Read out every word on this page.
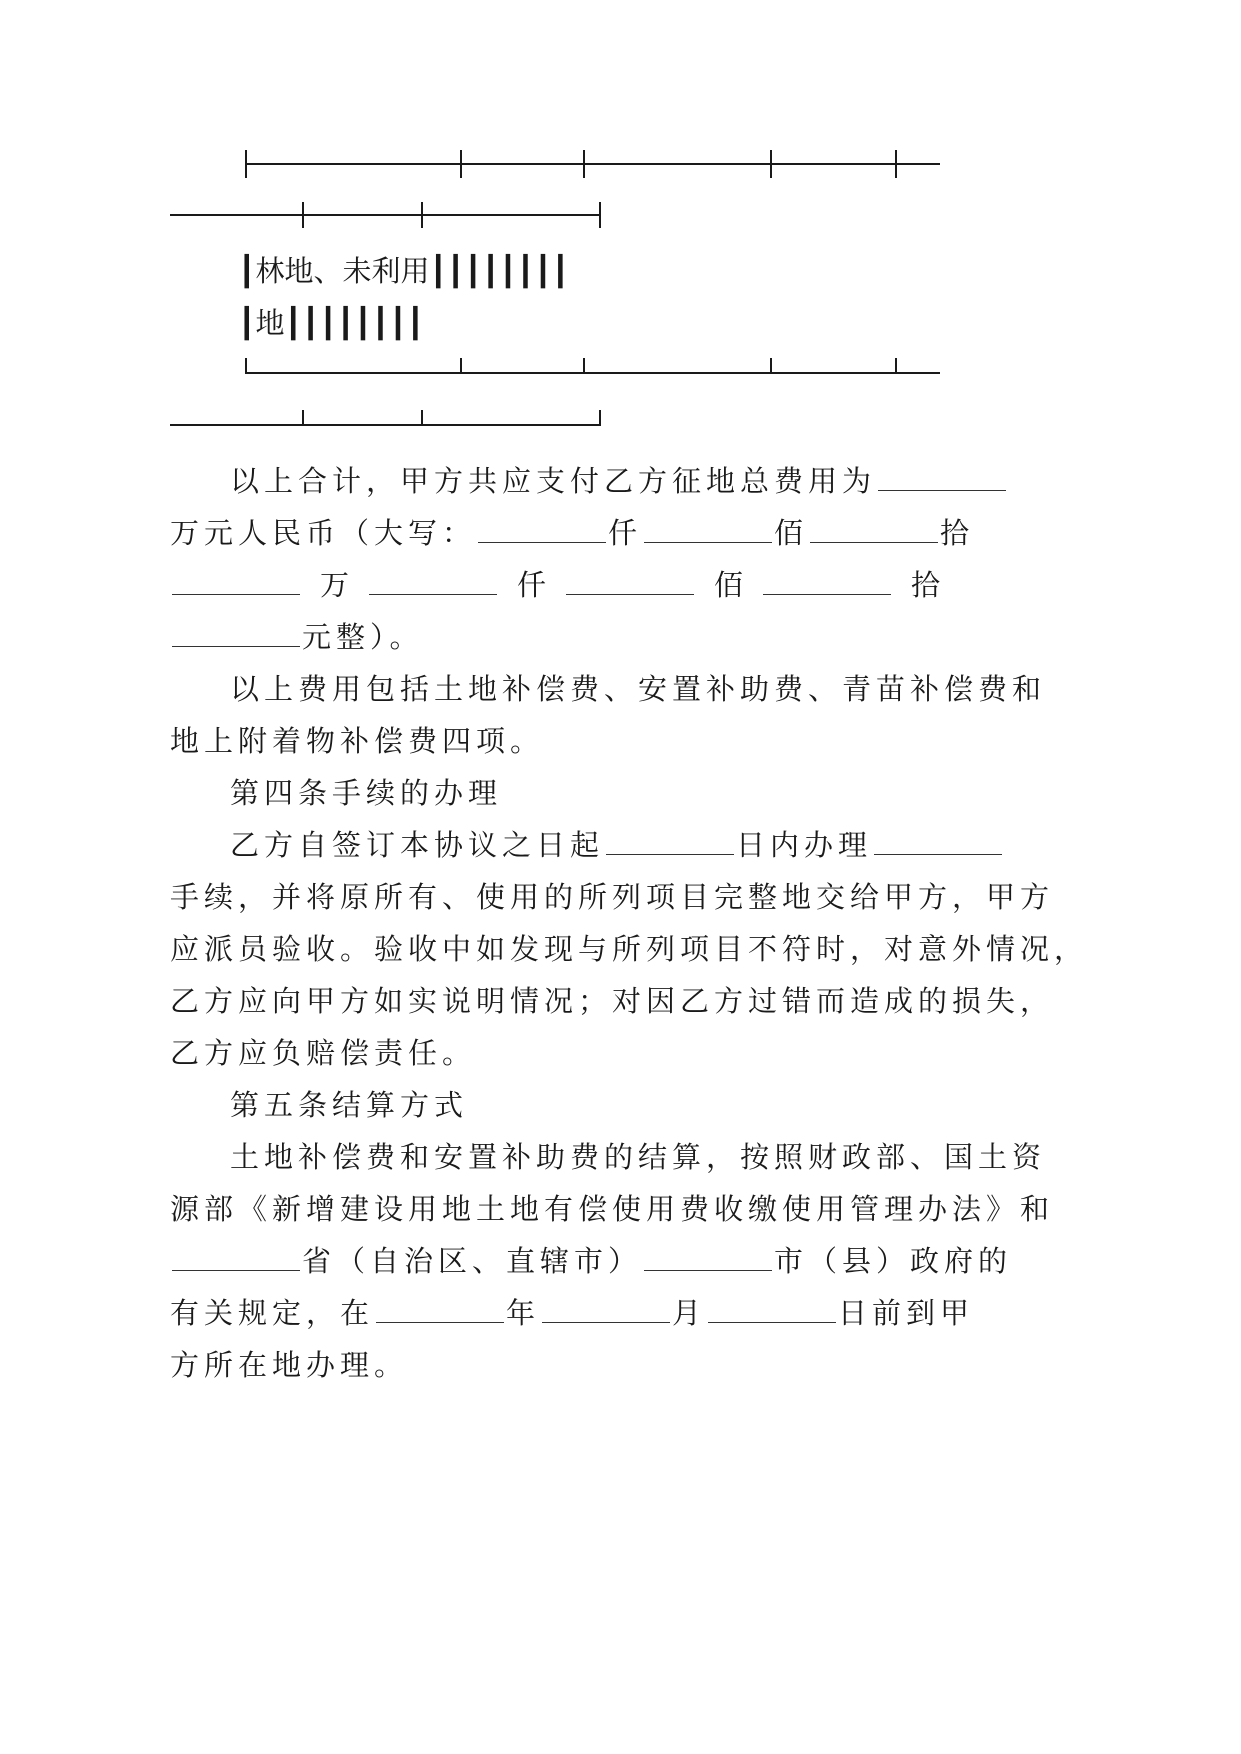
┃林地、未利用┃┃┃┃┃┃┃┃
┃地┃┃┃┃┃┃┃┃
以上合计，甲方共应支付乙方征地总费用为
万元人民币（大写：	仟	佰	拾
万	仟	佰	拾
元整）。
以上费用包括土地补偿费、安置补助费、青苗补偿费和
地上附着物补偿费四项。
第四条手续的办理
乙方自签订本协议之日起	日内办理
手续，并将原所有、使用的所列项目完整地交给甲方，甲方
应派员验收。验收中如发现与所列项目不符时，对意外情况，
乙方应向甲方如实说明情况；对因乙方过错而造成的损失，
乙方应负赔偿责任。
第五条结算方式
土地补偿费和安置补助费的结算，按照财政部、国土资
源部《新增建设用地土地有偿使用费收缴使用管理办法》和
省（自治区、直辖市）	市（县）政府的
有关规定，在	年	月	日前到甲
方所在地办理。
